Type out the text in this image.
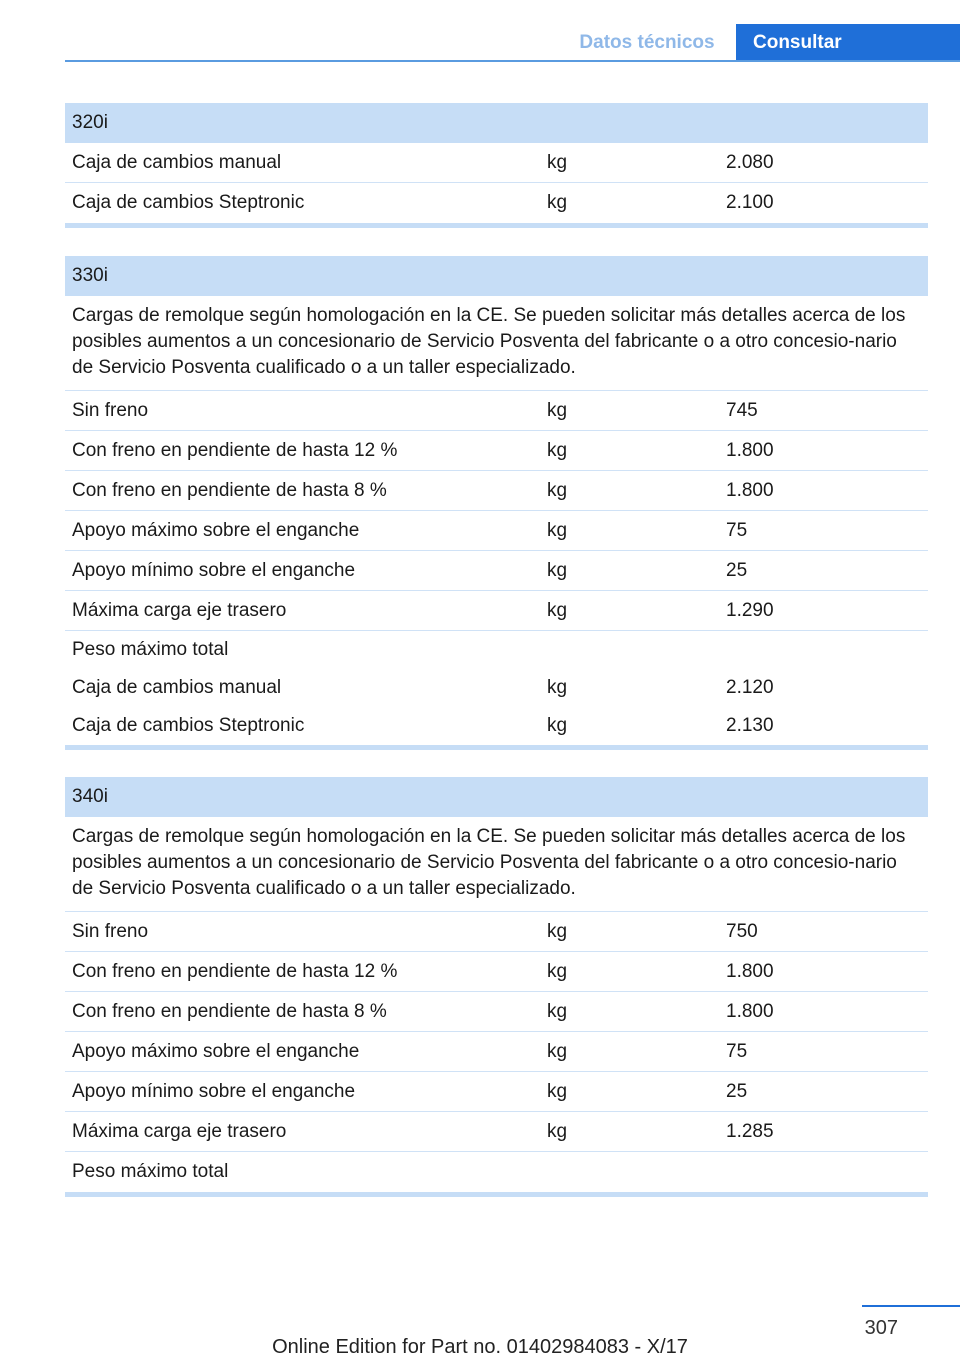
Datos técnicos	Consultar
320i
Caja de cambios manual	kg	2.080
Caja de cambios Steptronic	kg	2.100
330i
Cargas de remolque según homologación en la CE. Se pueden solicitar más detalles acerca de los posibles aumentos a un concesionario de Servicio Posventa del fabricante o a otro concesio-nario de Servicio Posventa cualificado o a un taller especializado.
Sin freno	kg	745
Con freno en pendiente de hasta 12 %	kg	1.800
Con freno en pendiente de hasta 8 %	kg	1.800
Apoyo máximo sobre el enganche	kg	75
Apoyo mínimo sobre el enganche	kg	25
Máxima carga eje trasero	kg	1.290
Peso máximo total
Caja de cambios manual	kg	2.120
Caja de cambios Steptronic	kg	2.130
340i
Cargas de remolque según homologación en la CE. Se pueden solicitar más detalles acerca de los posibles aumentos a un concesionario de Servicio Posventa del fabricante o a otro concesio-nario de Servicio Posventa cualificado o a un taller especializado.
Sin freno	kg	750
Con freno en pendiente de hasta 12 %	kg	1.800
Con freno en pendiente de hasta 8 %	kg	1.800
Apoyo máximo sobre el enganche	kg	75
Apoyo mínimo sobre el enganche	kg	25
Máxima carga eje trasero	kg	1.285
Peso máximo total
307
Online Edition for Part no. 01402984083 - X/17
